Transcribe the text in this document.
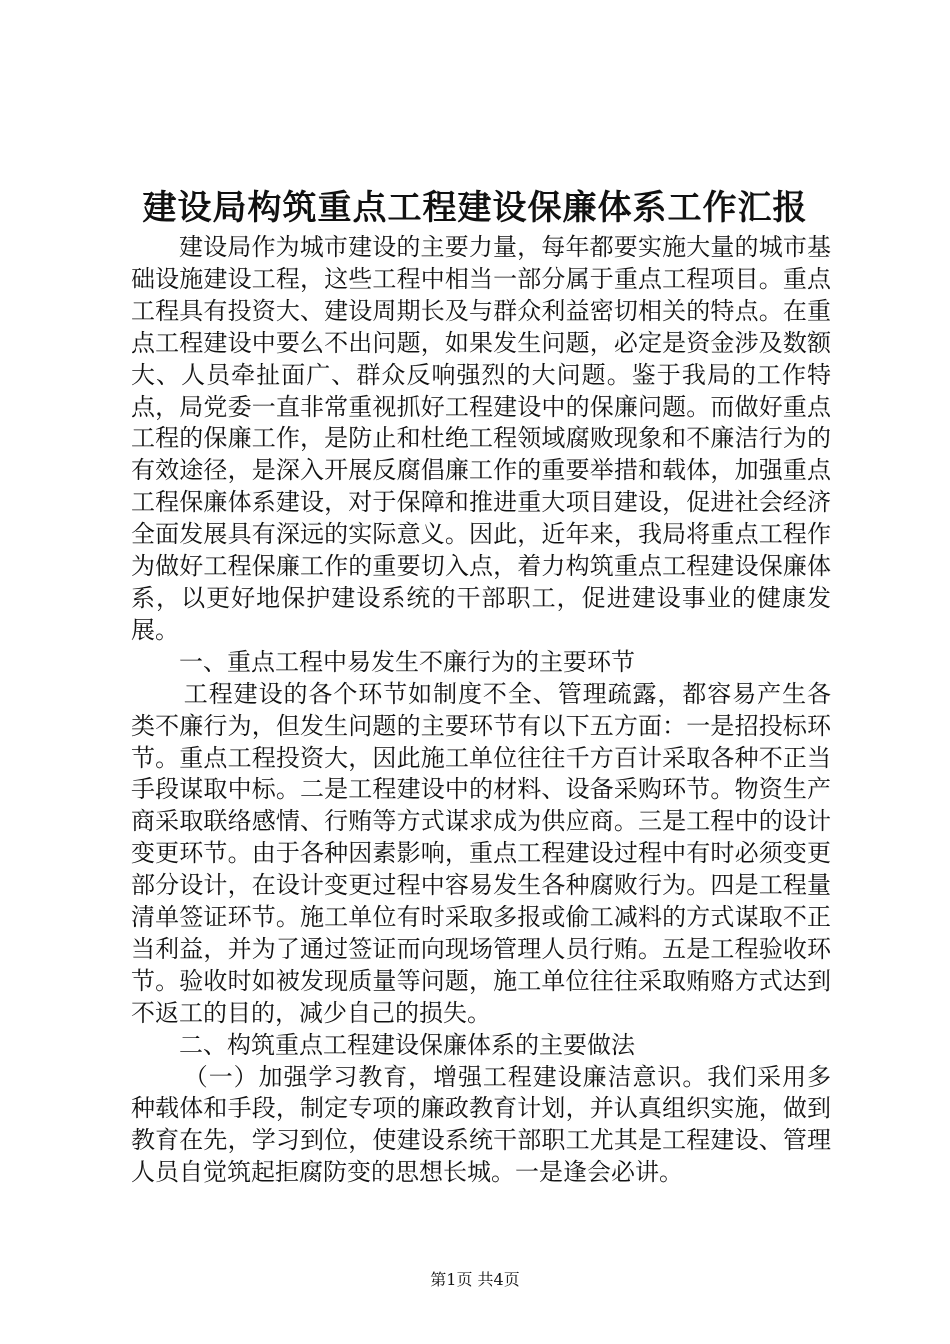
建设局构筑重点工程建设保廉体系工作汇报

建设局作为城市建设的主要力量，每年都要实施大量的城市基础设施建设工程，这些工程中相当一部分属于重点工程项目。重点工程具有投资大、建设周期长及与群众利益密切相关的特点。在重点工程建设中要么不出问题，如果发生问题，必定是资金涉及数额大、人员牵扯面广、群众反响强烈的大问题。鉴于我局的工作特点，局党委一直非常重视抓好工程建设中的保廉问题。而做好重点工程的保廉工作，是防止和杜绝工程领域腐败现象和不廉洁行为的有效途径，是深入开展反腐倡廉工作的重要举措和载体，加强重点工程保廉体系建设，对于保障和推进重大项目建设，促进社会经济全面发展具有深远的实际意义。因此，近年来，我局将重点工程作为做好工程保廉工作的重要切入点，着力构筑重点工程建设保廉体系，以更好地保护建设系统的干部职工，促进建设事业的健康发展。

一、重点工程中易发生不廉行为的主要环节

工程建设的各个环节如制度不全、管理疏露，都容易产生各类不廉行为，但发生问题的主要环节有以下五方面：一是招投标环节。重点工程投资大，因此施工单位往往千方百计采取各种不正当手段谋取中标。二是工程建设中的材料、设备采购环节。物资生产商采取联络感情、行贿等方式谋求成为供应商。三是工程中的设计变更环节。由于各种因素影响，重点工程建设过程中有时必须变更部分设计，在设计变更过程中容易发生各种腐败行为。四是工程量清单签证环节。施工单位有时采取多报或偷工减料的方式谋取不正当利益，并为了通过签证而向现场管理人员行贿。五是工程验收环节。验收时如被发现质量等问题，施工单位往往采取贿赂方式达到不返工的目的，减少自己的损失。

二、构筑重点工程建设保廉体系的主要做法

（一）加强学习教育，增强工程建设廉洁意识。我们采用多种载体和手段，制定专项的廉政教育计划，并认真组织实施，做到教育在先，学习到位，使建设系统干部职工尤其是工程建设、管理人员自觉筑起拒腐防变的思想长城。一是逢会必讲。

第1页 共4页
